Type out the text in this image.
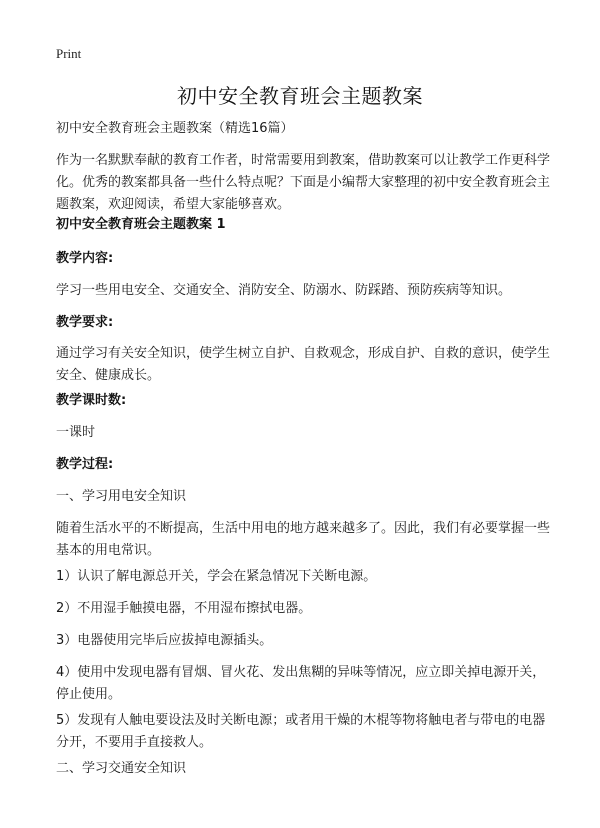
Print
初中安全教育班会主题教案

初中安全教育班会主题教案（精选16篇）

作为一名默默奉献的教育工作者，时常需要用到教案，借助教案可以让教学工作更科学化。优秀的教案都具备一些什么特点呢？下面是小编帮大家整理的初中安全教育班会主题教案，欢迎阅读，希望大家能够喜欢。

初中安全教育班会主题教案 1

教学内容:

学习一些用电安全、交通安全、消防安全、防溺水、防踩踏、预防疾病等知识。

教学要求:

通过学习有关安全知识，使学生树立自护、自救观念，形成自护、自救的意识，使学生安全、健康成长。

教学课时数:

一课时

教学过程:

一、学习用电安全知识

随着生活水平的不断提高，生活中用电的地方越来越多了。因此，我们有必要掌握一些基本的用电常识。

1）认识了解电源总开关，学会在紧急情况下关断电源。

2）不用湿手触摸电器，不用湿布擦拭电器。

3）电器使用完毕后应拔掉电源插头。

4）使用中发现电器有冒烟、冒火花、发出焦糊的异味等情况，应立即关掉电源开关，停止使用。

5）发现有人触电要设法及时关断电源；或者用干燥的木棍等物将触电者与带电的电器分开，不要用手直接救人。

二、学习交通安全知识
